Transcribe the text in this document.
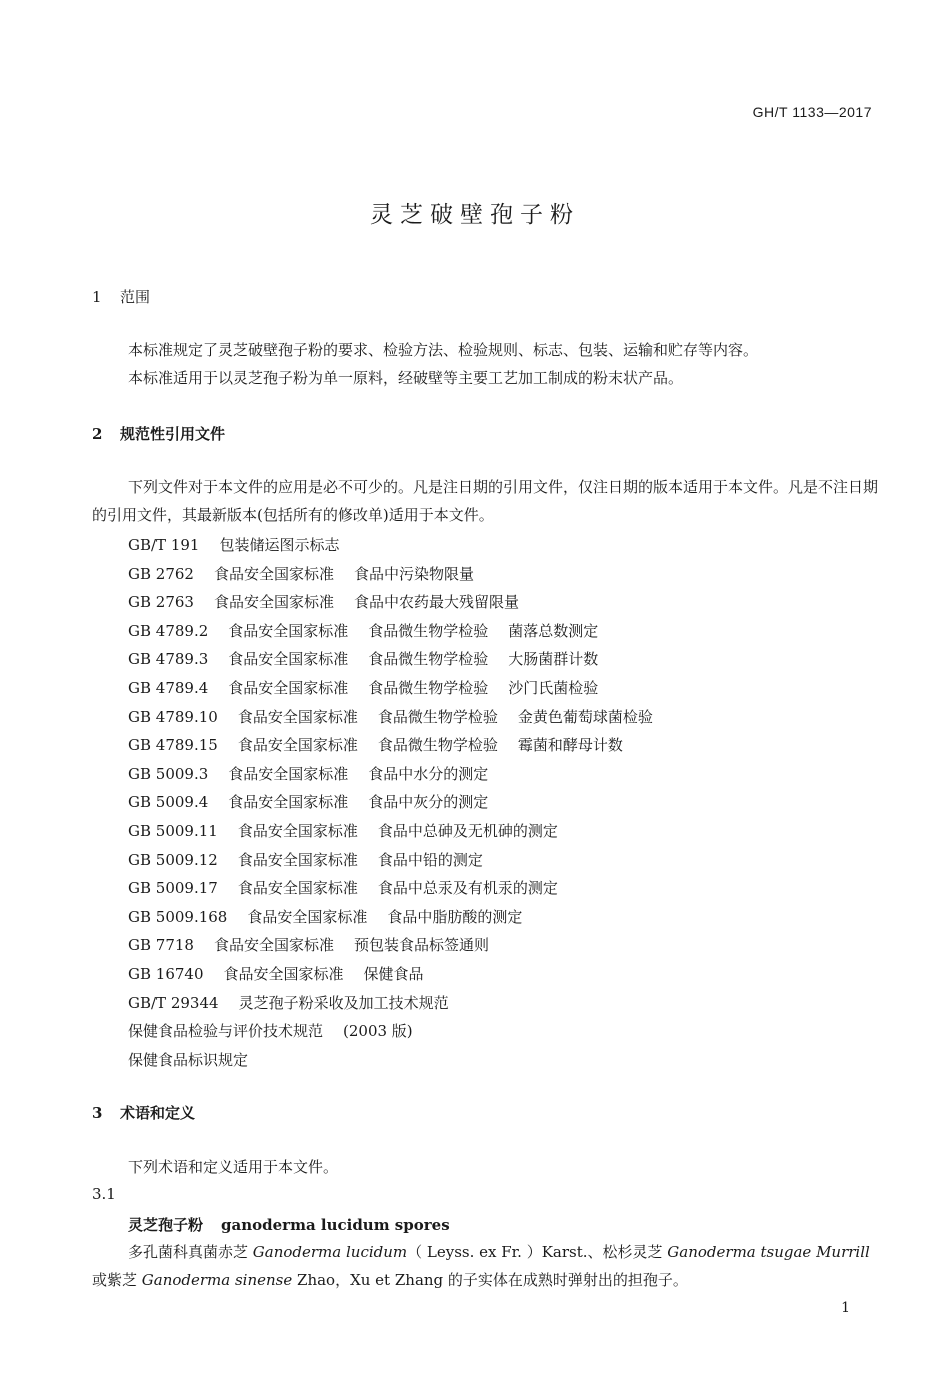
GH/T 1133—2017
灵芝破壁孢子粉
1 范围
本标准规定了灵芝破壁孢子粉的要求、检验方法、检验规则、标志、包装、运输和贮存等内容。
本标准适用于以灵芝孢子粉为单一原料，经破壁等主要工艺加工制成的粉末状产品。
2 规范性引用文件
下列文件对于本文件的应用是必不可少的。凡是注日期的引用文件，仅注日期的版本适用于本文件。凡是不注日期的引用文件，其最新版本(包括所有的修改单)适用于本文件。
GB/T 191 包装储运图示标志
GB 2762 食品安全国家标准 食品中污染物限量
GB 2763 食品安全国家标准 食品中农药最大残留限量
GB 4789.2 食品安全国家标准 食品微生物学检验 菌落总数测定
GB 4789.3 食品安全国家标准 食品微生物学检验 大肠菌群计数
GB 4789.4 食品安全国家标准 食品微生物学检验 沙门氏菌检验
GB 4789.10 食品安全国家标准 食品微生物学检验 金黄色葡萄球菌检验
GB 4789.15 食品安全国家标准 食品微生物学检验 霉菌和酵母计数
GB 5009.3 食品安全国家标准 食品中水分的测定
GB 5009.4 食品安全国家标准 食品中灰分的测定
GB 5009.11 食品安全国家标准 食品中总砷及无机砷的测定
GB 5009.12 食品安全国家标准 食品中铅的测定
GB 5009.17 食品安全国家标准 食品中总汞及有机汞的测定
GB 5009.168 食品安全国家标准 食品中脂肪酸的测定
GB 7718 食品安全国家标准 预包装食品标签通则
GB 16740 食品安全国家标准 保健食品
GB/T 29344 灵芝孢子粉采收及加工技术规范
保健食品检验与评价技术规范 (2003 版)
保健食品标识规定
3 术语和定义
下列术语和定义适用于本文件。
3.1
灵芝孢子粉 ganoderma lucidum spores
多孔菌科真菌赤芝 Ganoderma lucidum（ Leyss. ex Fr. ）Karst.、松杉灵芝 Ganoderma tsugae Murrill 或紫芝 Ganoderma sinense Zhao，Xu et Zhang 的子实体在成熟时弹射出的担孢子。
1
